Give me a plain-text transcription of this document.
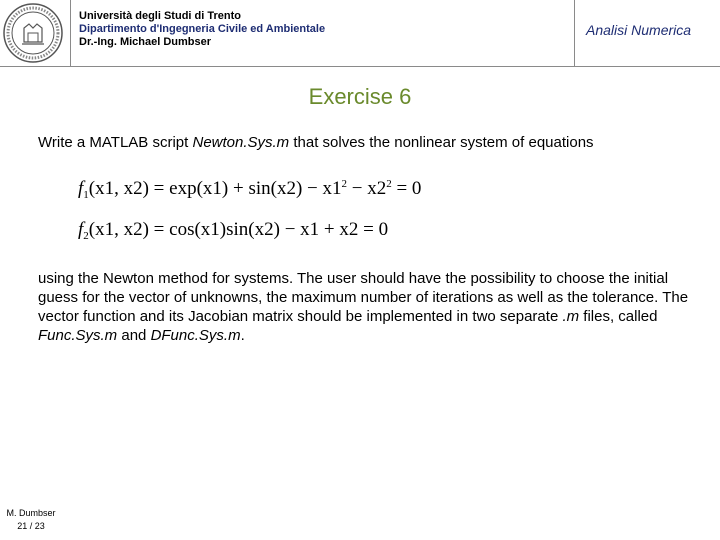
Università degli Studi di Trento
Dipartimento d'Ingegneria Civile ed Ambientale
Dr.-Ing. Michael Dumbser
Analisi Numerica
Exercise 6
Write a MATLAB script Newton.Sys.m that solves the nonlinear system of equations
$f_1(x1$, $x2) = \exp(x1) + \sin(x2) - x1^2 - x2^2 = 0$
$f_2(x1$, x2) = cos(x1)sin(x2) − x1 + x2 = 0
using the Newton method for systems. The user should have the possibility to choose the initial guess for the vector of unknowns, the maximum number of iterations as well as the tolerance. The vector function and its Jacobian matrix should be implemented in two separate .m files, called Func.Sys.m and DFunc.Sys.m.
M. Dumbser
21 / 23
